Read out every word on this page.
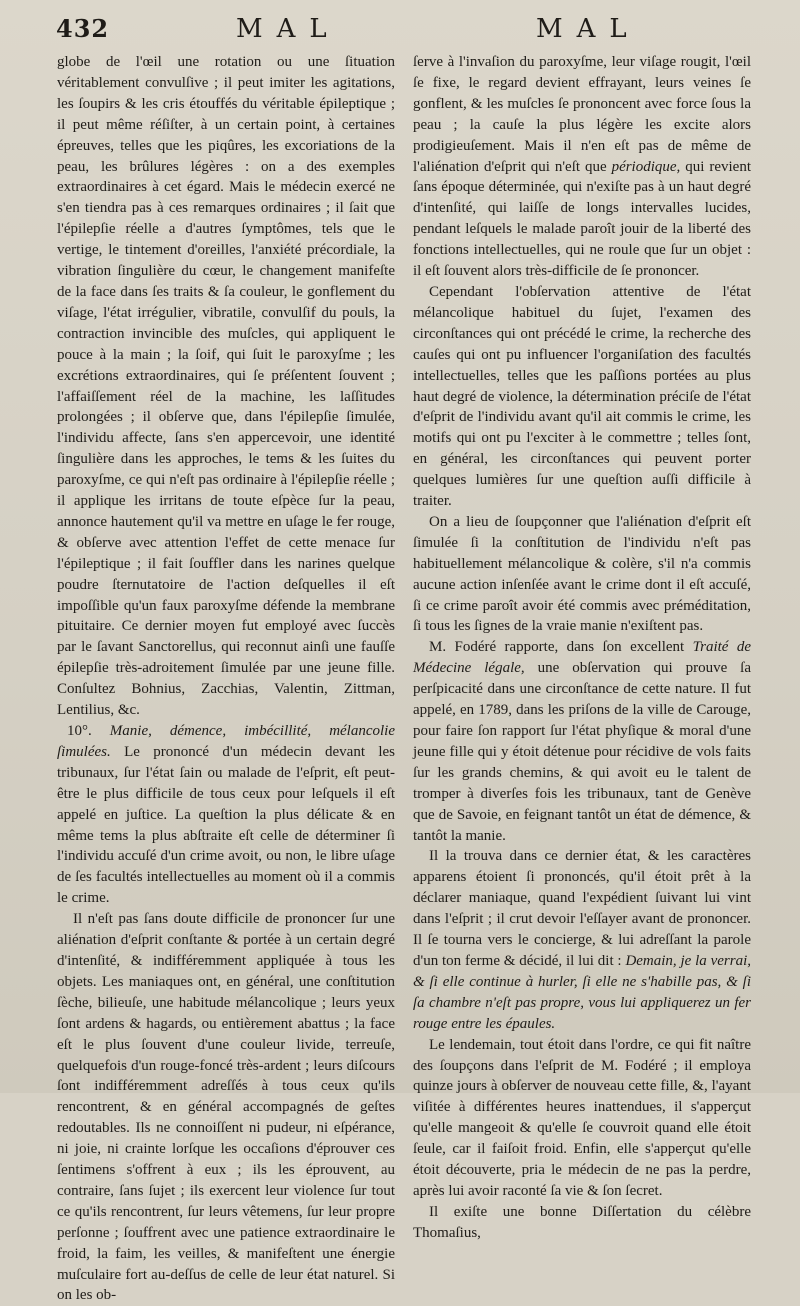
432	MAL	MAL

globe de l'œil une rotation ou une ſituation véritablement convulſive ; il peut imiter les agitations, les ſoupirs & les cris étouffés du véritable épileptique ; il peut même réſiſter, à un certain point, à certaines épreuves, telles que les piqûres, les excoriations de la peau, les brûlures légères : on a des exemples extraordinaires à cet égard. Mais le médecin exercé ne s'en tiendra pas à ces remarques ordinaires ; il ſait que l'épilepſie réelle a d'autres ſymptômes, tels que le vertige, le tintement d'oreilles, l'anxiété précordiale, la vibration ſingulière du cœur, le changement manifeſte de la face dans ſes traits & ſa couleur, le gonflement du viſage, l'état irrégulier, vibratile, convulſif du pouls, la contraction invincible des muſcles, qui appliquent le pouce à la main ; la ſoif, qui ſuit le paroxyſme ; les excrétions extraordinaires, qui ſe préſentent ſouvent ; l'affaiſſement réel de la machine, les laſſitudes prolongées ; il obſerve que, dans l'épilepſie ſimulée, l'individu affecte, ſans s'en appercevoir, une identité ſingulière dans les approches, le tems & les ſuites du paroxyſme, ce qui n'eſt pas ordinaire à l'épilepſie réelle ; il applique les irritans de toute eſpèce ſur la peau, annonce hautement qu'il va mettre en uſage le fer rouge, & obſerve avec attention l'effet de cette menace ſur l'épileptique ; il fait ſouffler dans les narines quelque poudre ſternutatoire de l'action deſquelles il eſt impoſſible qu'un faux paroxyſme défende la membrane pituitaire. Ce dernier moyen fut employé avec ſuccès par le ſavant Sanctorellus, qui reconnut ainſi une fauſſe épilepſie très-adroitement ſimulée par une jeune fille. Conſultez Bohnius, Zacchias, Valentin, Zittman, Lentilius, &c.

10°. Manie, démence, imbécillité, mélancolie ſimulées. Le prononcé d'un médecin devant les tribunaux, ſur l'état ſain ou malade de l'eſprit, eſt peut-être le plus difficile de tous ceux pour leſquels il eſt appelé en juſtice. La queſtion la plus délicate & en même tems la plus abſtraite eſt celle de déterminer ſi l'individu accuſé d'un crime avoit, ou non, le libre uſage de ſes facultés intellectuelles au moment où il a commis le crime.

Il n'eſt pas ſans doute difficile de prononcer ſur une aliénation d'eſprit conſtante & portée à un certain degré d'intenſité, & indifféremment appliquée à tous les objets. Les maniaques ont, en général, une conſtitution ſèche, bilieuſe, une habitude mélancolique ; leurs yeux ſont ardens & hagards, ou entièrement abattus ; la face eſt le plus ſouvent d'une couleur livide, terreuſe, quelquefois d'un rouge-foncé très-ardent ; leurs diſcours ſont indifféremment adreſſés à tous ceux qu'ils rencontrent, & en général accompagnés de geſtes redoutables. Ils ne connoiſſent ni pudeur, ni eſpérance, ni joie, ni crainte lorſque les occaſions d'éprouver ces ſentimens s'offrent à eux ; ils les éprouvent, au contraire, ſans ſujet ; ils exercent leur violence ſur tout ce qu'ils rencontrent, ſur leurs vêtemens, ſur leur propre perſonne ; ſouffrent avec une patience extraordinaire le froid, la faim, les veilles, & manifeſtent une énergie muſculaire fort au-deſſus de celle de leur état naturel. Si on les ob-

ſerve à l'invaſion du paroxyſme, leur viſage rougit, l'œil ſe fixe, le regard devient effrayant, leurs veines ſe gonflent, & les muſcles ſe prononcent avec force ſous la peau ; la cauſe la plus légère les excite alors prodigieuſement. Mais il n'en eſt pas de même de l'aliénation d'eſprit qui n'eſt que périodique, qui revient ſans époque déterminée, qui n'exiſte pas à un haut degré d'intenſité, qui laiſſe de longs intervalles lucides, pendant leſquels le malade paroît jouir de la liberté des fonctions intellectuelles, qui ne roule que ſur un objet : il eſt ſouvent alors très-difficile de ſe prononcer.

Cependant l'obſervation attentive de l'état mélancolique habituel du ſujet, l'examen des circonſtances qui ont précédé le crime, la recherche des cauſes qui ont pu influencer l'organiſation des facultés intellectuelles, telles que les paſſions portées au plus haut degré de violence, la détermination préciſe de l'état d'eſprit de l'individu avant qu'il ait commis le crime, les motifs qui ont pu l'exciter à le commettre ; telles ſont, en général, les circonſtances qui peuvent porter quelques lumières ſur une queſtion auſſi difficile à traiter.

On a lieu de ſoupçonner que l'aliénation d'eſprit eſt ſimulée ſi la conſtitution de l'individu n'eſt pas habituellement mélancolique & colère, s'il n'a commis aucune action inſenſée avant le crime dont il eſt accuſé, ſi ce crime paroît avoir été commis avec préméditation, ſi tous les ſignes de la vraie manie n'exiſtent pas.

M. Fodéré rapporte, dans ſon excellent Traité de Médecine légale, une obſervation qui prouve ſa perſpicacité dans une circonſtance de cette nature. Il fut appelé, en 1789, dans les priſons de la ville de Carouge, pour faire ſon rapport ſur l'état phyſique & moral d'une jeune fille qui y étoit détenue pour récidive de vols faits ſur les grands chemins, & qui avoit eu le talent de tromper à diverſes fois les tribunaux, tant de Genève que de Savoie, en feignant tantôt un état de démence, & tantôt la manie.

Il la trouva dans ce dernier état, & les caractères apparens étoient ſi prononcés, qu'il étoit prêt à la déclarer maniaque, quand l'expédient ſuivant lui vint dans l'eſprit ; il crut devoir l'eſſayer avant de prononcer. Il ſe tourna vers le concierge, & lui adreſſant la parole d'un ton ferme & décidé, il lui dit : Demain, je la verrai, & ſi elle continue à hurler, ſi elle ne s'habille pas, & ſi ſa chambre n'eſt pas propre, vous lui appliquerez un fer rouge entre les épaules.

Le lendemain, tout étoit dans l'ordre, ce qui fit naître des ſoupçons dans l'eſprit de M. Fodéré ; il employa quinze jours à obſerver de nouveau cette fille, &, l'ayant viſitée à différentes heures inattendues, il s'apperçut qu'elle mangeoit & qu'elle ſe couvroit quand elle étoit ſeule, car il faiſoit froid. Enfin, elle s'apperçut qu'elle étoit découverte, pria le médecin de ne pas la perdre, après lui avoir raconté ſa vie & ſon ſecret.

Il exiſte une bonne Diſſertation du célèbre Thomaſius,
